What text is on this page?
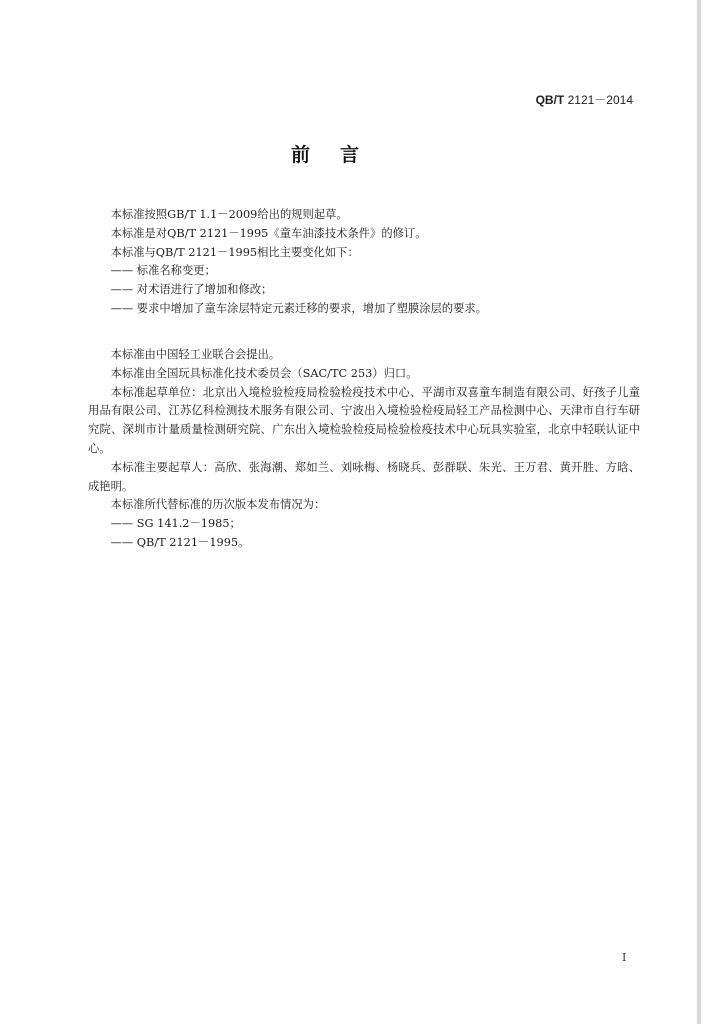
QB/T 2121－2014
前言

本标准按照GB/T 1.1－2009给出的规则起草。

本标准是对QB/T 2121－1995《童车油漆技术条件》的修订。

本标准与QB/T 2121－1995相比主要变化如下：

—— 标准名称变更；

—— 对术语进行了增加和修改；

—— 要求中增加了童车涂层特定元素迁移的要求，增加了塑膜涂层的要求。

本标准由中国轻工业联合会提出。

本标准由全国玩具标准化技术委员会（SAC/TC 253）归口。

本标准起草单位：北京出入境检验检疫局检验检疫技术中心、平湖市双喜童车制造有限公司、好孩子儿童用品有限公司、江苏亿科检测技术服务有限公司、宁波出入境检验检疫局轻工产品检测中心、天津市自行车研究院、深圳市计量质量检测研究院、广东出入境检验检疫局检验检疫技术中心玩具实验室，北京中轻联认证中心。

本标准主要起草人：高欣、张海潮、郑如兰、刘咏梅、杨晓兵、彭群联、朱光、王万君、黄开胜、方晗、成艳明。

本标准所代替标准的历次版本发布情况为：

—— SG 141.2－1985；

—— QB/T 2121－1995。

I
